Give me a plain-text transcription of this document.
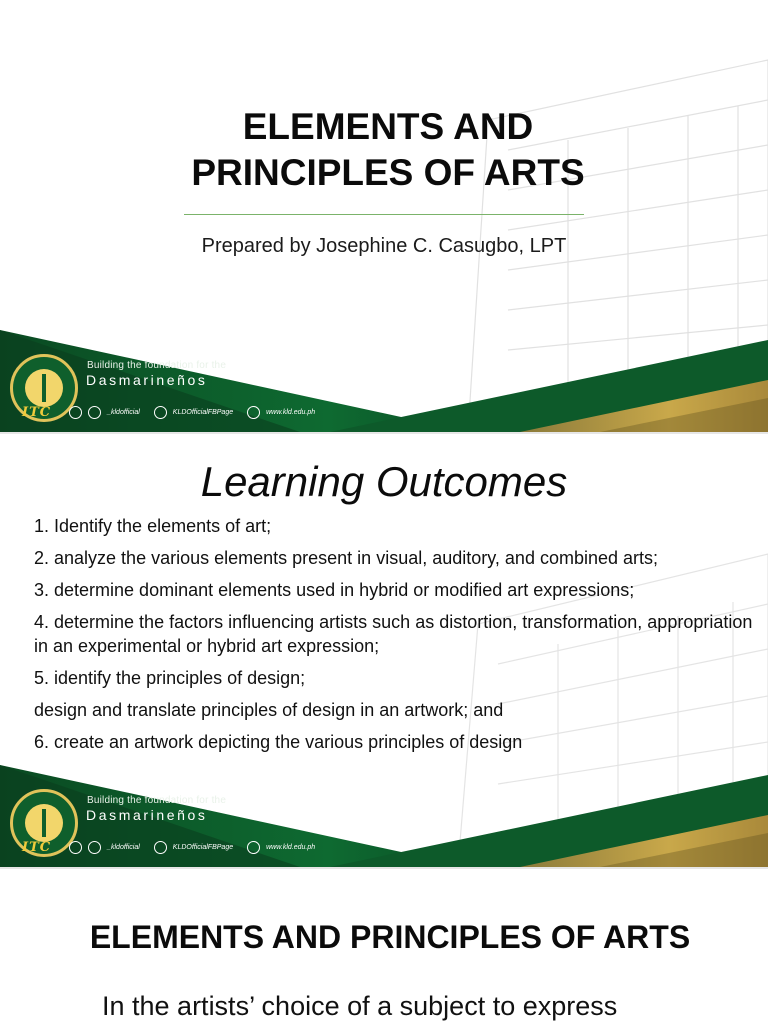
ELEMENTS AND
PRINCIPLES OF ARTS
Prepared by Josephine C. Casugbo, LPT
Building the foundation for the
Dasmarineños
ITC	_kldofficial	KLDOfficialFBPage	www.kld.edu.ph
Learning Outcomes
1. Identify the elements of art;
2. analyze the various elements present in visual, auditory, and combined arts;
3. determine dominant elements used in hybrid or modified art expressions;
4. determine the factors influencing artists such as distortion, transformation, appropriation in an experimental or hybrid art expression;
5. identify the principles of design;
design and translate principles of design in an artwork; and
6. create an artwork depicting the various principles of design
Building the foundation for the
Dasmarineños
ITC	_kldofficial	KLDOfficialFBPage	www.kld.edu.ph
ELEMENTS AND PRINCIPLES OF ARTS
In the artists’ choice of a subject to express
